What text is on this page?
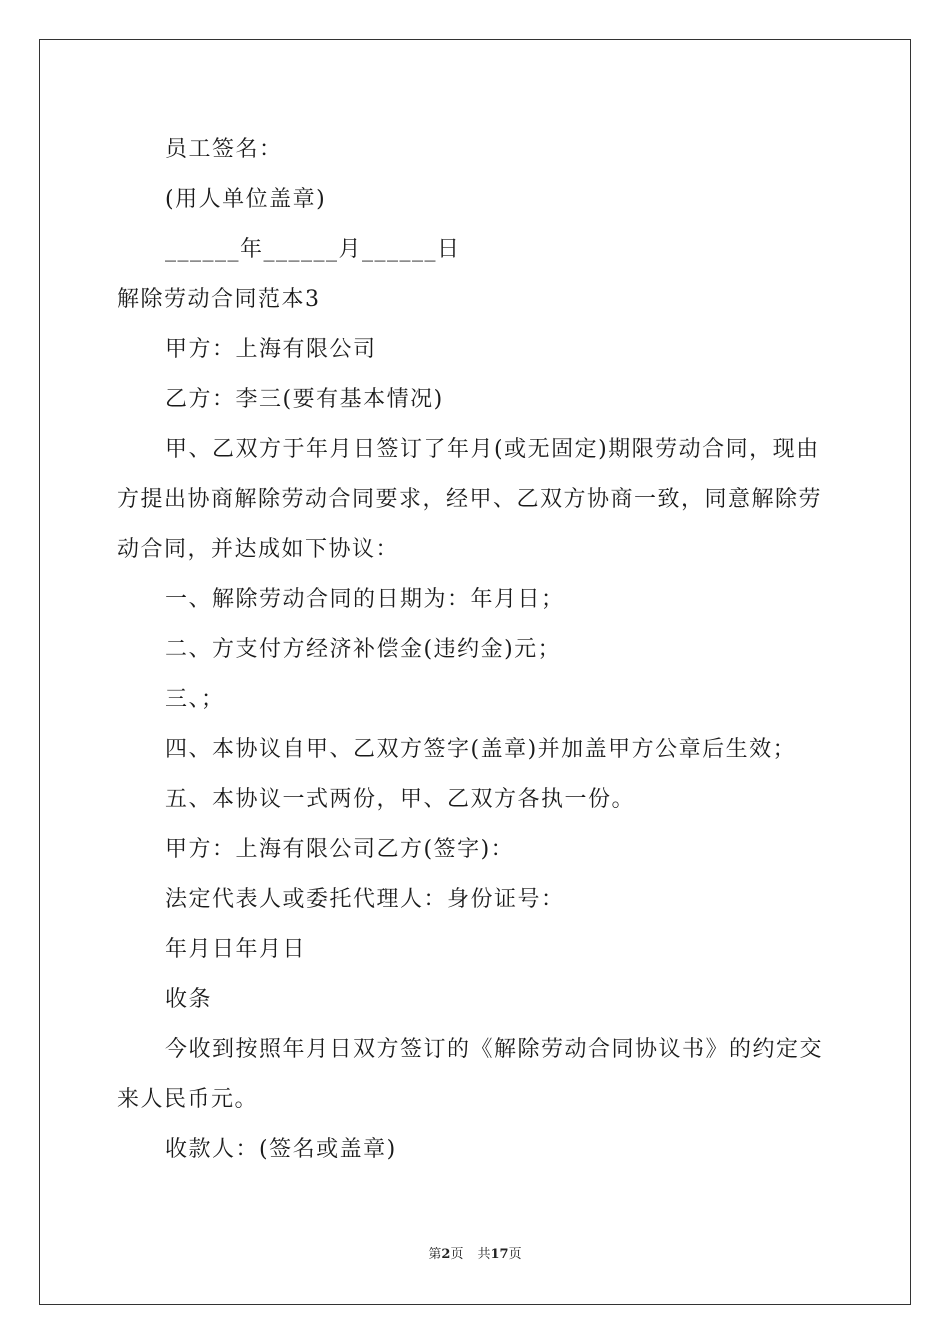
员工签名：
(用人单位盖章)
______年______月______日
解除劳动合同范本3
甲方：上海有限公司
乙方：李三(要有基本情况)
甲、乙双方于年月日签订了年月(或无固定)期限劳动合同，现由
方提出协商解除劳动合同要求，经甲、乙双方协商一致，同意解除劳
动合同，并达成如下协议：
一、解除劳动合同的日期为：年月日；
二、方支付方经济补偿金(违约金)元；
三、；
四、本协议自甲、乙双方签字(盖章)并加盖甲方公章后生效；
五、本协议一式两份，甲、乙双方各执一份。
甲方：上海有限公司乙方(签字)：
法定代表人或委托代理人：身份证号：
年月日年月日
收条
今收到按照年月日双方签订的《解除劳动合同协议书》的约定交
来人民币元。
收款人：(签名或盖章)
第2页 共17页
